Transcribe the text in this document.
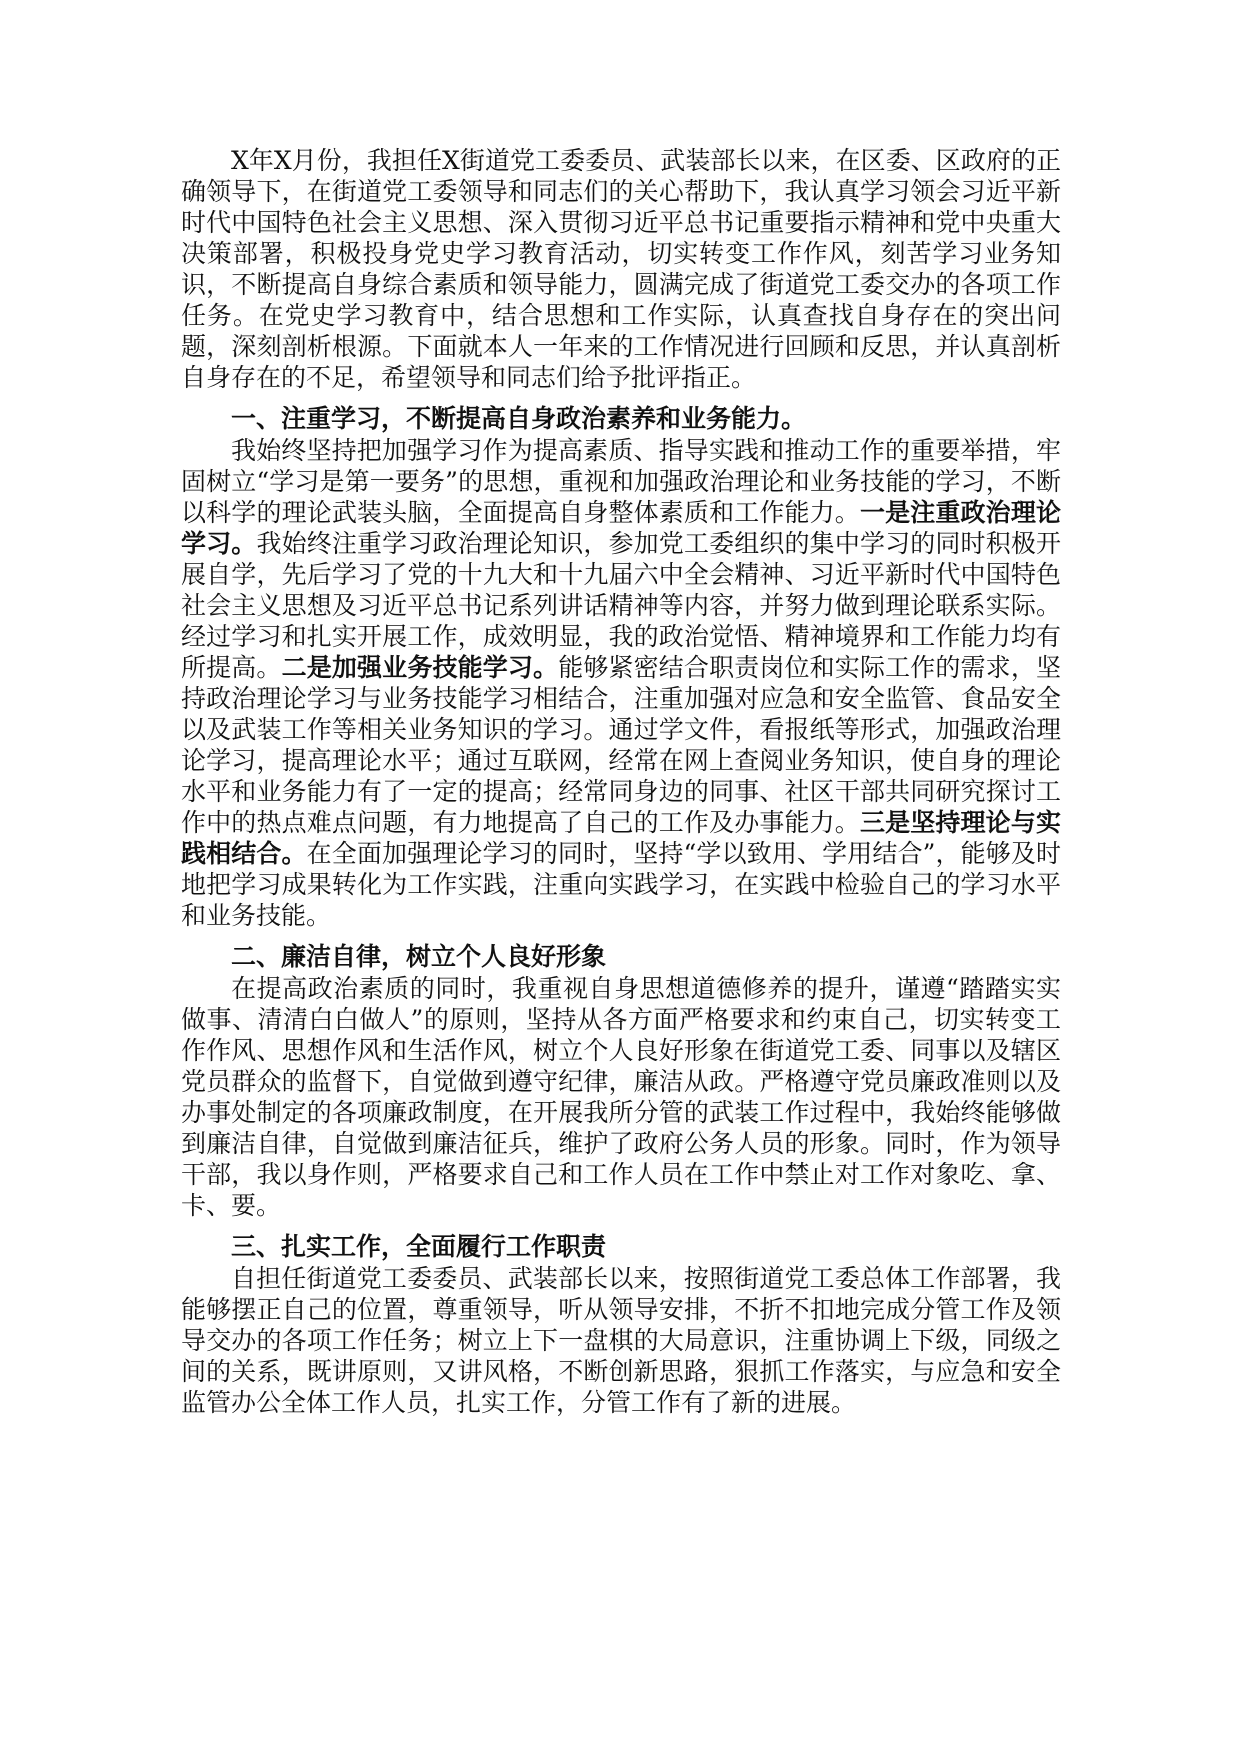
X年X月份，我担任X街道党工委委员、武装部长以来，在区委、区政府的正确领导下，在街道党工委领导和同志们的关心帮助下，我认真学习领会习近平新时代中国特色社会主义思想、深入贯彻习近平总书记重要指示精神和党中央重大决策部署，积极投身党史学习教育活动，切实转变工作作风，刻苦学习业务知识，不断提高自身综合素质和领导能力，圆满完成了街道党工委交办的各项工作任务。在党史学习教育中，结合思想和工作实际，认真查找自身存在的突出问题，深刻剖析根源。下面就本人一年来的工作情况进行回顾和反思，并认真剖析自身存在的不足，希望领导和同志们给予批评指正。

一、注重学习，不断提高自身政治素养和业务能力。

我始终坚持把加强学习作为提高素质、指导实践和推动工作的重要举措，牢固树立“学习是第一要务”的思想，重视和加强政治理论和业务技能的学习，不断以科学的理论武装头脑，全面提高自身整体素质和工作能力。一是注重政治理论学习。我始终注重学习政治理论知识，参加党工委组织的集中学习的同时积极开展自学，先后学习了党的十九大和十九届六中全会精神、习近平新时代中国特色社会主义思想及习近平总书记系列讲话精神等内容，并努力做到理论联系实际。经过学习和扎实开展工作，成效明显，我的政治觉悟、精神境界和工作能力均有所提高。二是加强业务技能学习。能够紧密结合职责岗位和实际工作的需求，坚持政治理论学习与业务技能学习相结合，注重加强对应急和安全监管、食品安全以及武装工作等相关业务知识的学习。通过学文件，看报纸等形式，加强政治理论学习，提高理论水平；通过互联网，经常在网上查阅业务知识，使自身的理论水平和业务能力有了一定的提高；经常同身边的同事、社区干部共同研究探讨工作中的热点难点问题，有力地提高了自己的工作及办事能力。三是坚持理论与实践相结合。在全面加强理论学习的同时，坚持“学以致用、学用结合”，能够及时地把学习成果转化为工作实践，注重向实践学习，在实践中检验自己的学习水平和业务技能。

二、廉洁自律，树立个人良好形象

在提高政治素质的同时，我重视自身思想道德修养的提升，谨遵“踏踏实实做事、清清白白做人”的原则，坚持从各方面严格要求和约束自己，切实转变工作作风、思想作风和生活作风，树立个人良好形象在街道党工委、同事以及辖区党员群众的监督下，自觉做到遵守纪律，廉洁从政。严格遵守党员廉政准则以及办事处制定的各项廉政制度，在开展我所分管的武装工作过程中，我始终能够做到廉洁自律，自觉做到廉洁征兵，维护了政府公务人员的形象。同时，作为领导干部，我以身作则，严格要求自己和工作人员在工作中禁止对工作对象吃、拿、卡、要。

三、扎实工作，全面履行工作职责

自担任街道党工委委员、武装部长以来，按照街道党工委总体工作部署，我能够摆正自己的位置，尊重领导，听从领导安排，不折不扣地完成分管工作及领导交办的各项工作任务；树立上下一盘棋的大局意识，注重协调上下级，同级之间的关系，既讲原则，又讲风格，不断创新思路，狠抓工作落实，与应急和安全监管办公全体工作人员，扎实工作，分管工作有了新的进展。
